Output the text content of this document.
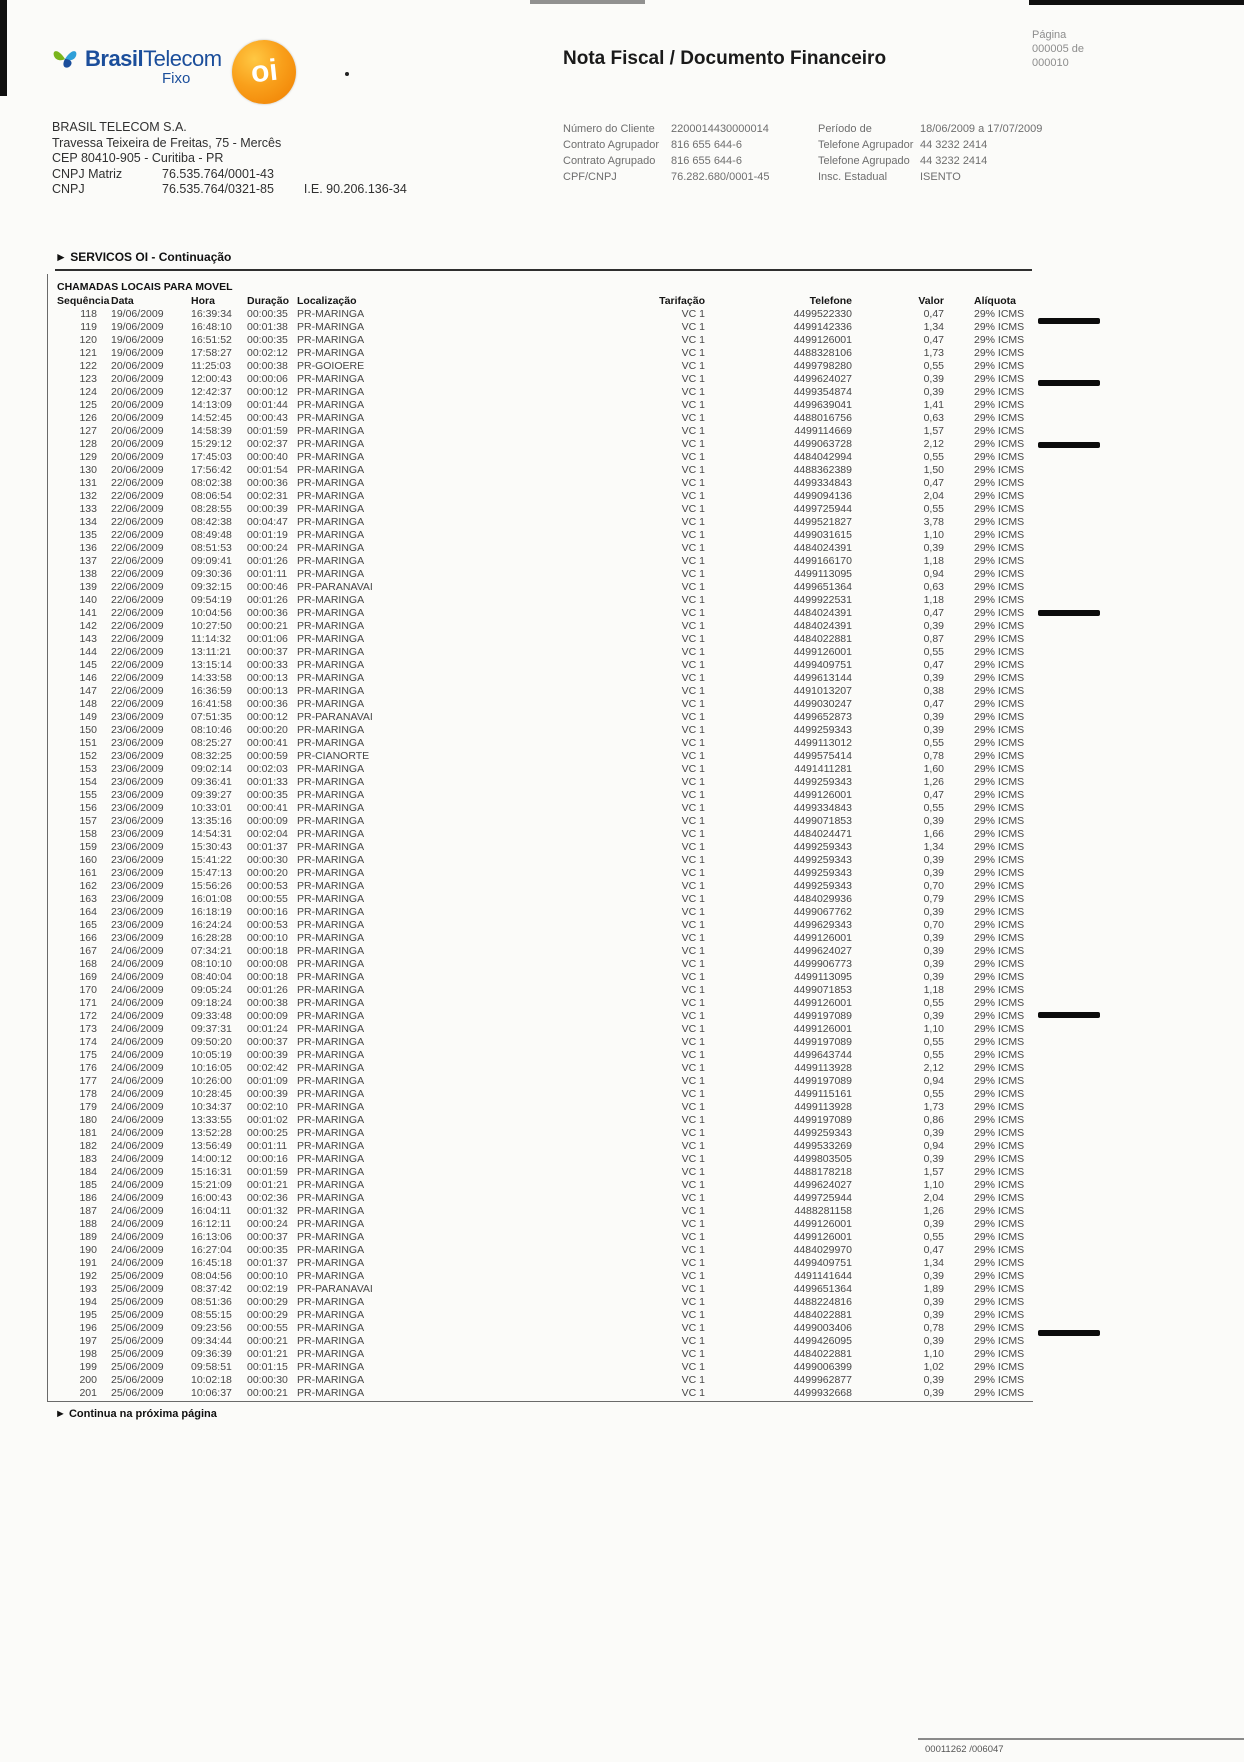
BrasilTelecom
Fixo	oi	Nota Fiscal / Documento Financeiro
Página
000005 de
000010
BRASIL TELECOM S.A.
Travessa Teixeira de Freitas, 75 - Mercês
CEP 80410-905 - Curitiba - PR
CNPJ Matriz	76.535.764/0001-43
CNPJ	76.535.764/0321-85 I.E. 90.206.136-34
Número do Cliente 2200014430000014
Contrato Agrupador 816 655 644-6
Contrato Agrupado 816 655 644-6
CPF/CNPJ	76.282.680/0001-45
Período de	18/06/2009 a 17/07/2009
Telefone Agrupador 44 3232 2414
Telefone Agrupado 44 3232 2414
Insc. Estadual	ISENTO
► SERVICOS OI - Continuação
CHAMADAS LOCAIS PARA MOVEL
Sequência	Data	Hora	Duração	Localização	Tarifação	Telefone	Valor	Alíquota
118	19/06/2009	16:39:34	00:00:35	PR-MARINGA	VC 1	4499522330	0,47	29% ICMS
119	19/06/2009	16:48:10	00:01:38	PR-MARINGA	VC 1	4499142336	1,34	29% ICMS
120	19/06/2009	16:51:52	00:00:35	PR-MARINGA	VC 1	4499126001	0,47	29% ICMS
121	19/06/2009	17:58:27	00:02:12	PR-MARINGA	VC 1	4488328106	1,73	29% ICMS
122	20/06/2009	11:25:03	00:00:38	PR-GOIOERE	VC 1	4499798280	0,55	29% ICMS
123	20/06/2009	12:00:43	00:00:06	PR-MARINGA	VC 1	4499624027	0,39	29% ICMS
124	20/06/2009	12:42:37	00:00:12	PR-MARINGA	VC 1	4499354874	0,39	29% ICMS
125	20/06/2009	14:13:09	00:01:44	PR-MARINGA	VC 1	4499639041	1,41	29% ICMS
126	20/06/2009	14:52:45	00:00:43	PR-MARINGA	VC 1	4488016756	0,63	29% ICMS
127	20/06/2009	14:58:39	00:01:59	PR-MARINGA	VC 1	4499114669	1,57	29% ICMS
128	20/06/2009	15:29:12	00:02:37	PR-MARINGA	VC 1	4499063728	2,12	29% ICMS
129	20/06/2009	17:45:03	00:00:40	PR-MARINGA	VC 1	4484042994	0,55	29% ICMS
130	20/06/2009	17:56:42	00:01:54	PR-MARINGA	VC 1	4488362389	1,50	29% ICMS
131	22/06/2009	08:02:38	00:00:36	PR-MARINGA	VC 1	4499334843	0,47	29% ICMS
132	22/06/2009	08:06:54	00:02:31	PR-MARINGA	VC 1	4499094136	2,04	29% ICMS
133	22/06/2009	08:28:55	00:00:39	PR-MARINGA	VC 1	4499725944	0,55	29% ICMS
134	22/06/2009	08:42:38	00:04:47	PR-MARINGA	VC 1	4499521827	3,78	29% ICMS
135	22/06/2009	08:49:48	00:01:19	PR-MARINGA	VC 1	4499031615	1,10	29% ICMS
136	22/06/2009	08:51:53	00:00:24	PR-MARINGA	VC 1	4484024391	0,39	29% ICMS
137	22/06/2009	09:09:41	00:01:26	PR-MARINGA	VC 1	4499166170	1,18	29% ICMS
138	22/06/2009	09:30:36	00:01:11	PR-MARINGA	VC 1	4499113095	0,94	29% ICMS
139	22/06/2009	09:32:15	00:00:46	PR-PARANAVAI	VC 1	4499651364	0,63	29% ICMS
140	22/06/2009	09:54:19	00:01:26	PR-MARINGA	VC 1	4499922531	1,18	29% ICMS
141	22/06/2009	10:04:56	00:00:36	PR-MARINGA	VC 1	4484024391	0,47	29% ICMS
142	22/06/2009	10:27:50	00:00:21	PR-MARINGA	VC 1	4484024391	0,39	29% ICMS
143	22/06/2009	11:14:32	00:01:06	PR-MARINGA	VC 1	4484022881	0,87	29% ICMS
144	22/06/2009	13:11:21	00:00:37	PR-MARINGA	VC 1	4499126001	0,55	29% ICMS
145	22/06/2009	13:15:14	00:00:33	PR-MARINGA	VC 1	4499409751	0,47	29% ICMS
146	22/06/2009	14:33:58	00:00:13	PR-MARINGA	VC 1	4499613144	0,39	29% ICMS
147	22/06/2009	16:36:59	00:00:13	PR-MARINGA	VC 1	4491013207	0,38	29% ICMS
148	22/06/2009	16:41:58	00:00:36	PR-MARINGA	VC 1	4499030247	0,47	29% ICMS
149	23/06/2009	07:51:35	00:00:12	PR-PARANAVAI	VC 1	4499652873	0,39	29% ICMS
150	23/06/2009	08:10:46	00:00:20	PR-MARINGA	VC 1	4499259343	0,39	29% ICMS
151	23/06/2009	08:25:27	00:00:41	PR-MARINGA	VC 1	4499113012	0,55	29% ICMS
152	23/06/2009	08:32:25	00:00:59	PR-CIANORTE	VC 1	4499575414	0,78	29% ICMS
153	23/06/2009	09:02:14	00:02:03	PR-MARINGA	VC 1	4491411281	1,60	29% ICMS
154	23/06/2009	09:36:41	00:01:33	PR-MARINGA	VC 1	4499259343	1,26	29% ICMS
155	23/06/2009	09:39:27	00:00:35	PR-MARINGA	VC 1	4499126001	0,47	29% ICMS
156	23/06/2009	10:33:01	00:00:41	PR-MARINGA	VC 1	4499334843	0,55	29% ICMS
157	23/06/2009	13:35:16	00:00:09	PR-MARINGA	VC 1	4499071853	0,39	29% ICMS
158	23/06/2009	14:54:31	00:02:04	PR-MARINGA	VC 1	4484024471	1,66	29% ICMS
159	23/06/2009	15:30:43	00:01:37	PR-MARINGA	VC 1	4499259343	1,34	29% ICMS
160	23/06/2009	15:41:22	00:00:30	PR-MARINGA	VC 1	4499259343	0,39	29% ICMS
161	23/06/2009	15:47:13	00:00:20	PR-MARINGA	VC 1	4499259343	0,39	29% ICMS
162	23/06/2009	15:56:26	00:00:53	PR-MARINGA	VC 1	4499259343	0,70	29% ICMS
163	23/06/2009	16:01:08	00:00:55	PR-MARINGA	VC 1	4484029936	0,79	29% ICMS
164	23/06/2009	16:18:19	00:00:16	PR-MARINGA	VC 1	4499067762	0,39	29% ICMS
165	23/06/2009	16:24:24	00:00:53	PR-MARINGA	VC 1	4499629343	0,70	29% ICMS
166	23/06/2009	16:28:28	00:00:10	PR-MARINGA	VC 1	4499126001	0,39	29% ICMS
167	24/06/2009	07:34:21	00:00:18	PR-MARINGA	VC 1	4499624027	0,39	29% ICMS
168	24/06/2009	08:10:10	00:00:08	PR-MARINGA	VC 1	4499906773	0,39	29% ICMS
169	24/06/2009	08:40:04	00:00:18	PR-MARINGA	VC 1	4499113095	0,39	29% ICMS
170	24/06/2009	09:05:24	00:01:26	PR-MARINGA	VC 1	4499071853	1,18	29% ICMS
171	24/06/2009	09:18:24	00:00:38	PR-MARINGA	VC 1	4499126001	0,55	29% ICMS
172	24/06/2009	09:33:48	00:00:09	PR-MARINGA	VC 1	4499197089	0,39	29% ICMS
173	24/06/2009	09:37:31	00:01:24	PR-MARINGA	VC 1	4499126001	1,10	29% ICMS
174	24/06/2009	09:50:20	00:00:37	PR-MARINGA	VC 1	4499197089	0,55	29% ICMS
175	24/06/2009	10:05:19	00:00:39	PR-MARINGA	VC 1	4499643744	0,55	29% ICMS
176	24/06/2009	10:16:05	00:02:42	PR-MARINGA	VC 1	4499113928	2,12	29% ICMS
177	24/06/2009	10:26:00	00:01:09	PR-MARINGA	VC 1	4499197089	0,94	29% ICMS
178	24/06/2009	10:28:45	00:00:39	PR-MARINGA	VC 1	4499115161	0,55	29% ICMS
179	24/06/2009	10:34:37	00:02:10	PR-MARINGA	VC 1	4499113928	1,73	29% ICMS
180	24/06/2009	13:33:55	00:01:02	PR-MARINGA	VC 1	4499197089	0,86	29% ICMS
181	24/06/2009	13:52:28	00:00:25	PR-MARINGA	VC 1	4499259343	0,39	29% ICMS
182	24/06/2009	13:56:49	00:01:11	PR-MARINGA	VC 1	4499533269	0,94	29% ICMS
183	24/06/2009	14:00:12	00:00:16	PR-MARINGA	VC 1	4499803505	0,39	29% ICMS
184	24/06/2009	15:16:31	00:01:59	PR-MARINGA	VC 1	4488178218	1,57	29% ICMS
185	24/06/2009	15:21:09	00:01:21	PR-MARINGA	VC 1	4499624027	1,10	29% ICMS
186	24/06/2009	16:00:43	00:02:36	PR-MARINGA	VC 1	4499725944	2,04	29% ICMS
187	24/06/2009	16:04:11	00:01:32	PR-MARINGA	VC 1	4488281158	1,26	29% ICMS
188	24/06/2009	16:12:11	00:00:24	PR-MARINGA	VC 1	4499126001	0,39	29% ICMS
189	24/06/2009	16:13:06	00:00:37	PR-MARINGA	VC 1	4499126001	0,55	29% ICMS
190	24/06/2009	16:27:04	00:00:35	PR-MARINGA	VC 1	4484029970	0,47	29% ICMS
191	24/06/2009	16:45:18	00:01:37	PR-MARINGA	VC 1	4499409751	1,34	29% ICMS
192	25/06/2009	08:04:56	00:00:10	PR-MARINGA	VC 1	4491141644	0,39	29% ICMS
193	25/06/2009	08:37:42	00:02:19	PR-PARANAVAI	VC 1	4499651364	1,89	29% ICMS
194	25/06/2009	08:51:36	00:00:29	PR-MARINGA	VC 1	4488224816	0,39	29% ICMS
195	25/06/2009	08:55:15	00:00:29	PR-MARINGA	VC 1	4484022881	0,39	29% ICMS
196	25/06/2009	09:23:56	00:00:55	PR-MARINGA	VC 1	4499003406	0,78	29% ICMS
197	25/06/2009	09:34:44	00:00:21	PR-MARINGA	VC 1	4499426095	0,39	29% ICMS
198	25/06/2009	09:36:39	00:01:21	PR-MARINGA	VC 1	4484022881	1,10	29% ICMS
199	25/06/2009	09:58:51	00:01:15	PR-MARINGA	VC 1	4499006399	1,02	29% ICMS
200	25/06/2009	10:02:18	00:00:30	PR-MARINGA	VC 1	4499962877	0,39	29% ICMS
201	25/06/2009	10:06:37	00:00:21	PR-MARINGA	VC 1	4499932668	0,39	29% ICMS
► Continua na próxima página
00011262 /006047
